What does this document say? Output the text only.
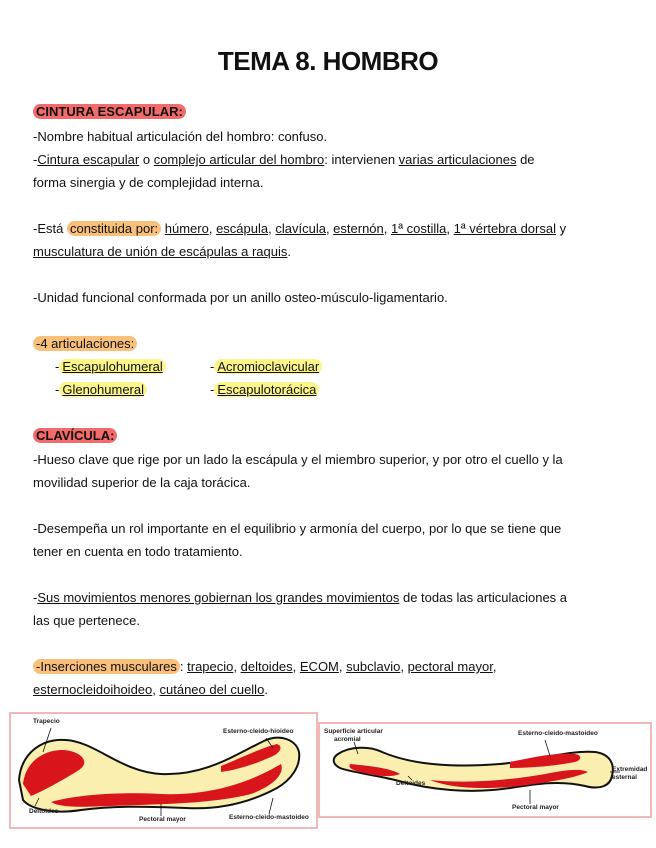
TEMA 8. HOMBRO
CINTURA ESCAPULAR:
-Nombre habitual articulación del hombro: confuso.
-Cintura escapular o complejo articular del hombro: intervienen varias articulaciones de
forma sinergia y de complejidad interna.
-Está constituida por: húmero, escápula, clavícula, esternón, 1ª costilla, 1ª vértebra dorsal y
musculatura de unión de escápulas a raquis.
-Unidad funcional conformada por un anillo osteo-músculo-ligamentario.
-4 articulaciones:
- Escapulohumeral	- Acromioclavicular
- Glenohumeral	- Escapulotorácica
CLAVÍCULA:
-Hueso clave que rige por un lado la escápula y el miembro superior, y por otro el cuello y la
movilidad superior de la caja torácica.
-Desempeña un rol importante en el equilibrio y armonía del cuerpo, por lo que se tiene que
tener en cuenta en todo tratamiento.
-Sus movimientos menores gobiernan los grandes movimientos de todas las articulaciones a
las que pertenece.
-Inserciones musculares : trapecio, deltoides, ECOM, subclavio, pectoral mayor,
esternocleidoihoideo, cutáneo del cuello.
Trapecio
Esterno-cleido-hioideo
Deltoides
Pectoral mayor	Esterno-cleido-mastoideo
Superficie articular
acromial
Esterno-cleido-mastoideo
Deltoides
Extremidad
esternal
Pectoral mayor
